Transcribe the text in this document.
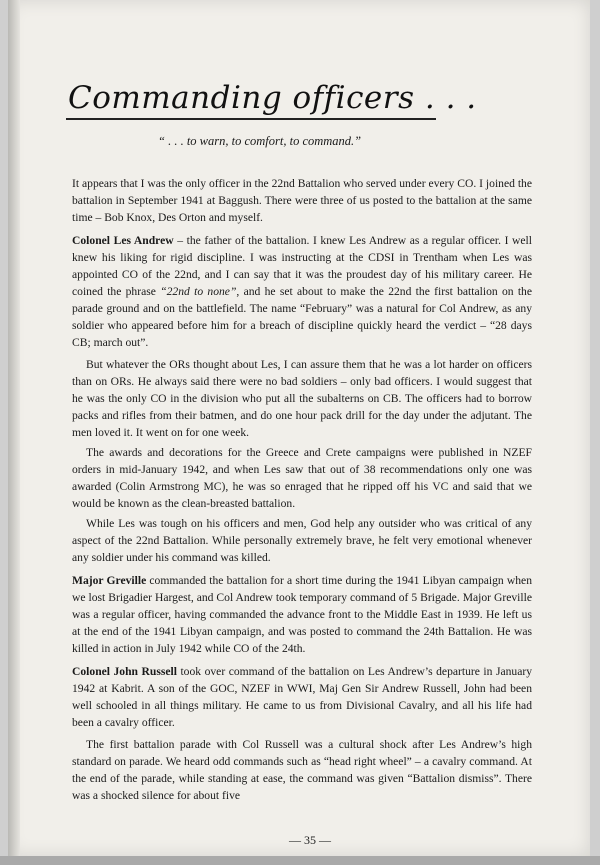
Commanding officers . . .

“ . . . to warn, to comfort, to command.”

It appears that I was the only officer in the 22nd Battalion who served under every CO. I joined the battalion in September 1941 at Baggush. There were three of us posted to the battalion at the same time – Bob Knox, Des Orton and myself.

Colonel Les Andrew – the father of the battalion. I knew Les Andrew as a regular officer. I well knew his liking for rigid discipline. I was instructing at the CDSI in Trentham when Les was appointed CO of the 22nd, and I can say that it was the proudest day of his military career. He coined the phrase “22nd to none”, and he set about to make the 22nd the first battalion on the parade ground and on the battlefield. The name “February” was a natural for Col Andrew, as any soldier who appeared before him for a breach of discipline quickly heard the verdict – “28 days CB; march out”.

But whatever the ORs thought about Les, I can assure them that he was a lot harder on officers than on ORs. He always said there were no bad soldiers – only bad officers. I would suggest that he was the only CO in the division who put all the subalterns on CB. The officers had to borrow packs and rifles from their batmen, and do one hour pack drill for the day under the adjutant. The men loved it. It went on for one week.

The awards and decorations for the Greece and Crete campaigns were published in NZEF orders in mid-January 1942, and when Les saw that out of 38 recommendations only one was awarded (Colin Armstrong MC), he was so enraged that he ripped off his VC and said that we would be known as the clean-breasted battalion.

While Les was tough on his officers and men, God help any outsider who was critical of any aspect of the 22nd Battalion. While personally extremely brave, he felt very emotional whenever any soldier under his command was killed.

Major Greville commanded the battalion for a short time during the 1941 Libyan campaign when we lost Brigadier Hargest, and Col Andrew took temporary command of 5 Brigade. Major Greville was a regular officer, having commanded the advance front to the Middle East in 1939. He left us at the end of the 1941 Libyan campaign, and was posted to command the 24th Battalion. He was killed in action in July 1942 while CO of the 24th.

Colonel John Russell took over command of the battalion on Les Andrew’s departure in January 1942 at Kabrit. A son of the GOC, NZEF in WWI, Maj Gen Sir Andrew Russell, John had been well schooled in all things military. He came to us from Divisional Cavalry, and all his life had been a cavalry officer.

The first battalion parade with Col Russell was a cultural shock after Les Andrew’s high standard on parade. We heard odd commands such as “head right wheel” – a cavalry command. At the end of the parade, while standing at ease, the command was given “Battalion dismiss”. There was a shocked silence for about five

— 35 —
